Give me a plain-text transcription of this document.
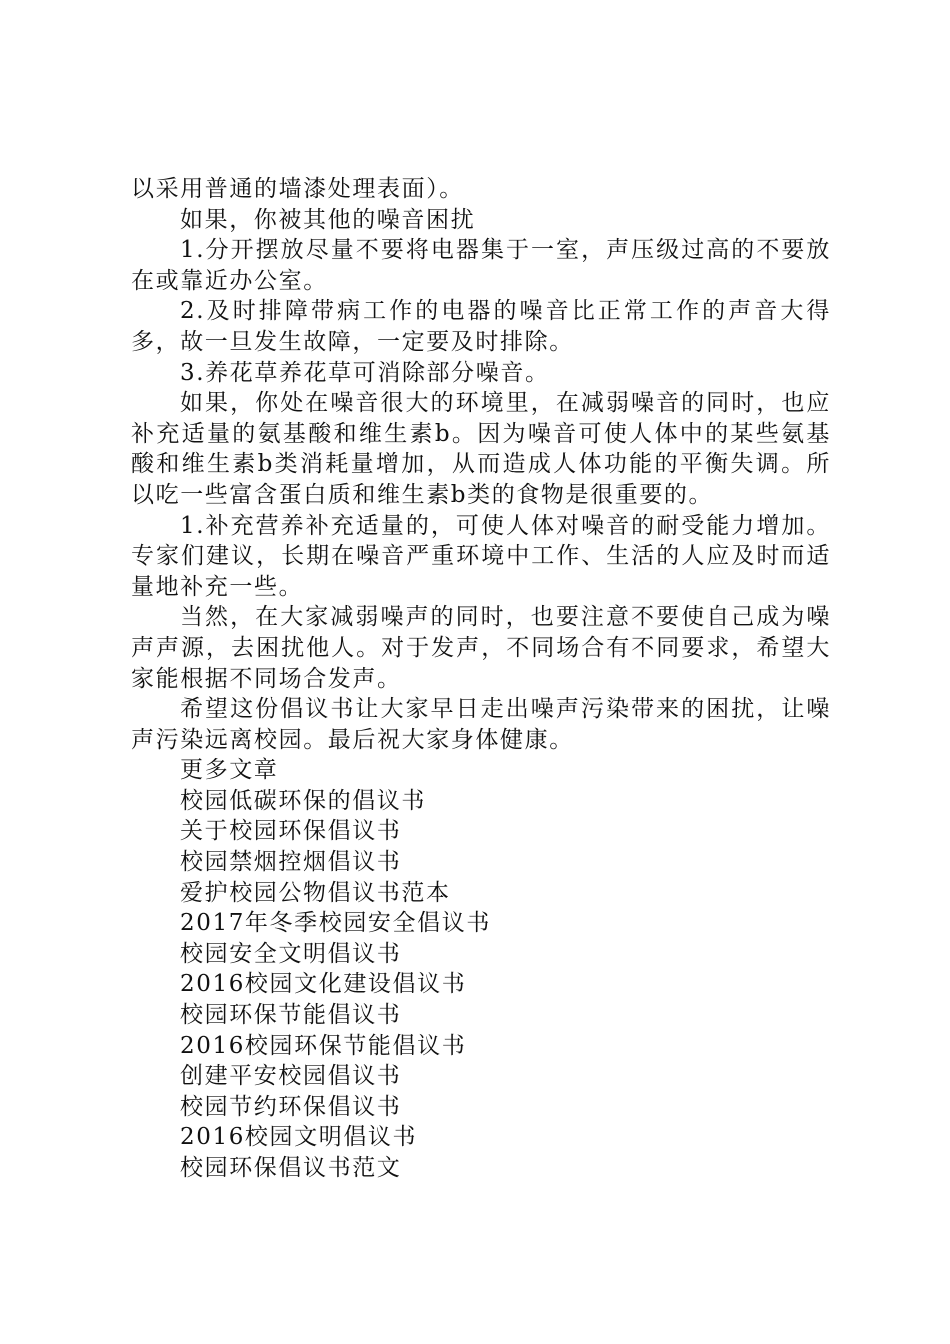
以采用普通的墙漆处理表面）。

如果，你被其他的噪音困扰

1.分开摆放尽量不要将电器集于一室，声压级过高的不要放在或靠近办公室。

2.及时排障带病工作的电器的噪音比正常工作的声音大得多，故一旦发生故障，一定要及时排除。

3.养花草养花草可消除部分噪音。

如果，你处在噪音很大的环境里，在减弱噪音的同时，也应补充适量的氨基酸和维生素b。因为噪音可使人体中的某些氨基酸和维生素b类消耗量增加，从而造成人体功能的平衡失调。所以吃一些富含蛋白质和维生素b类的食物是很重要的。

1.补充营养补充适量的，可使人体对噪音的耐受能力增加。专家们建议，长期在噪音严重环境中工作、生活的人应及时而适量地补充一些。

当然，在大家减弱噪声的同时，也要注意不要使自己成为噪声声源，去困扰他人。对于发声，不同场合有不同要求，希望大家能根据不同场合发声。

希望这份倡议书让大家早日走出噪声污染带来的困扰，让噪声污染远离校园。最后祝大家身体健康。

更多文章

校园低碳环保的倡议书
关于校园环保倡议书
校园禁烟控烟倡议书
爱护校园公物倡议书范本
2017年冬季校园安全倡议书
校园安全文明倡议书
2016校园文化建设倡议书
校园环保节能倡议书
2016校园环保节能倡议书
创建平安校园倡议书
校园节约环保倡议书
2016校园文明倡议书
校园环保倡议书范文
